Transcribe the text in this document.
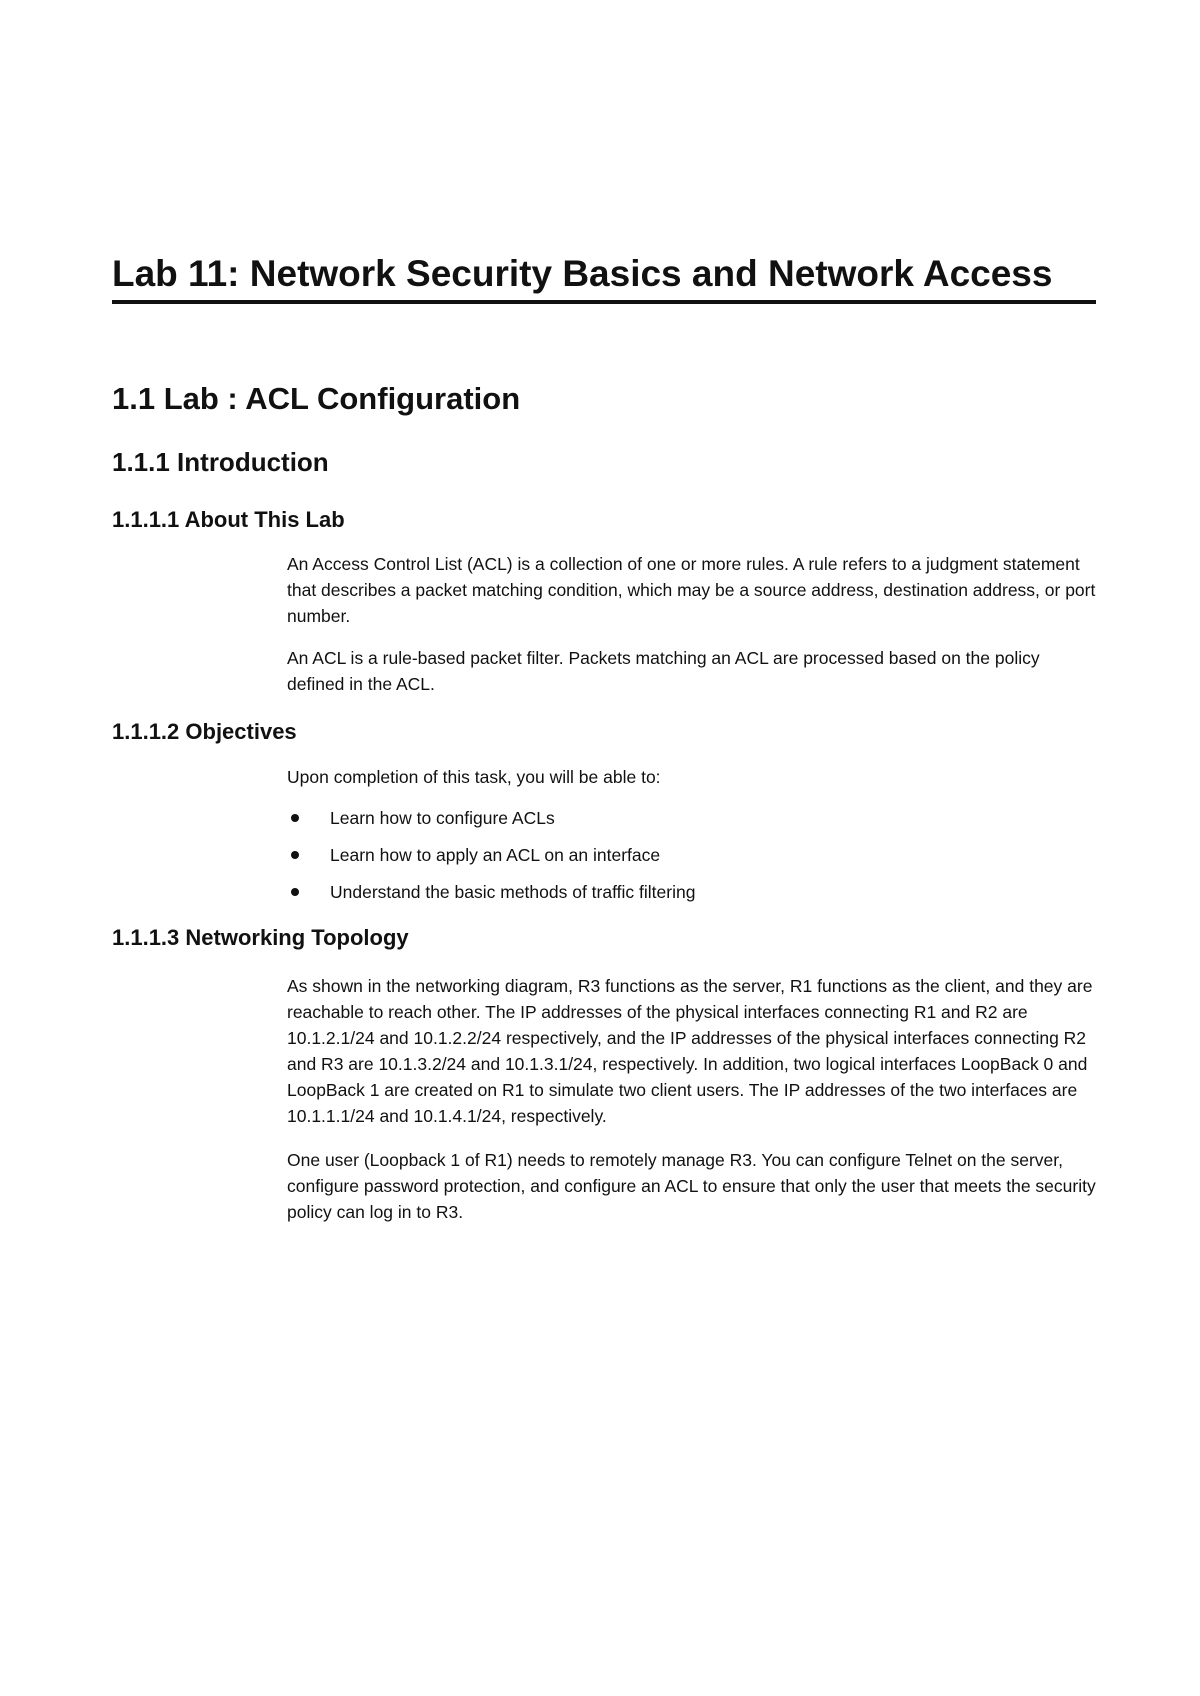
Lab 11: Network Security Basics and Network Access
1.1 Lab : ACL Configuration
1.1.1 Introduction
1.1.1.1 About This Lab

An Access Control List (ACL) is a collection of one or more rules. A rule refers to a judgment statement that describes a packet matching condition, which may be a source address, destination address, or port number.

An ACL is a rule-based packet filter. Packets matching an ACL are processed based on the policy defined in the ACL.

1.1.1.2 Objectives

Upon completion of this task, you will be able to:

Learn how to configure ACLs
Learn how to apply an ACL on an interface
Understand the basic methods of traffic filtering
1.1.1.3 Networking Topology

As shown in the networking diagram, R3 functions as the server, R1 functions as the client, and they are reachable to reach other. The IP addresses of the physical interfaces connecting R1 and R2 are 10.1.2.1/24 and 10.1.2.2/24 respectively, and the IP addresses of the physical interfaces connecting R2 and R3 are 10.1.3.2/24 and 10.1.3.1/24, respectively. In addition, two logical interfaces LoopBack 0 and LoopBack 1 are created on R1 to simulate two client users. The IP addresses of the two interfaces are 10.1.1.1/24 and 10.1.4.1/24, respectively.

One user (Loopback 1 of R1) needs to remotely manage R3. You can configure Telnet on the server, configure password protection, and configure an ACL to ensure that only the user that meets the security policy can log in to R3.
